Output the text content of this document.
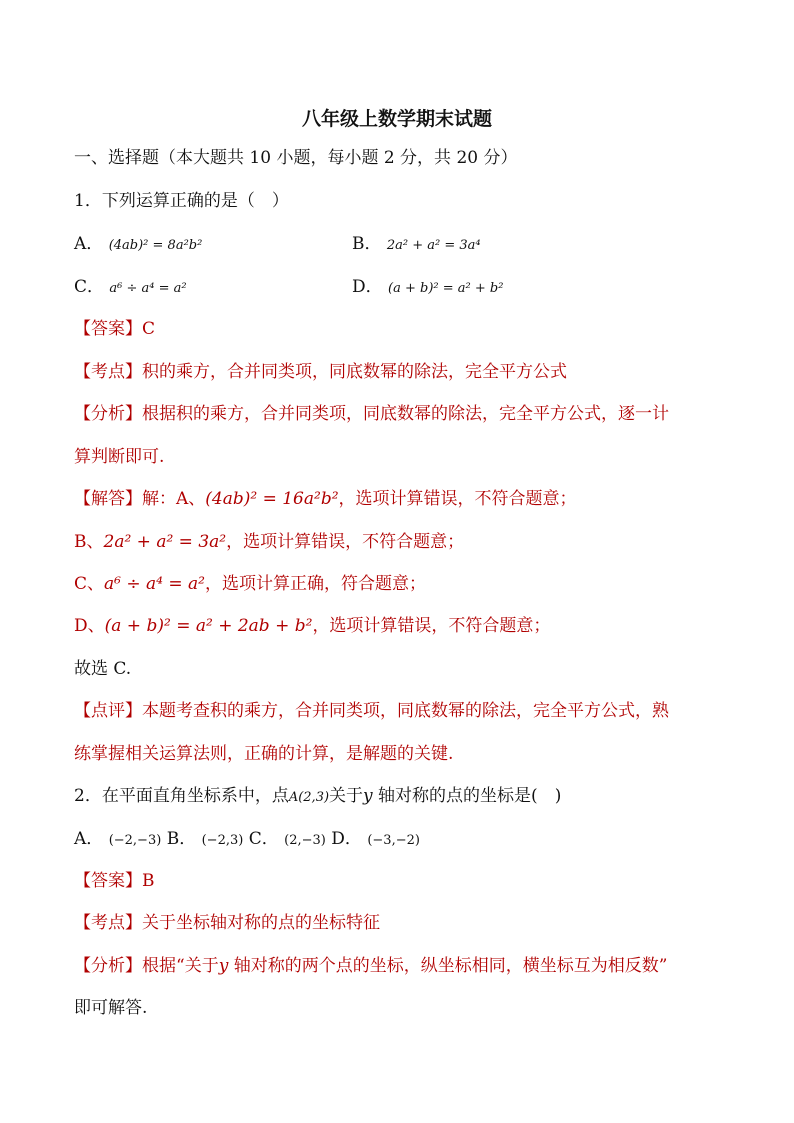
八年级上数学期末试题
一、选择题（本大题共 10 小题，每小题 2 分，共 20 分）
1．下列运算正确的是（　）
A． (4ab)² = 8a²b²	B． 2a² + a² = 3a⁴
C． a⁶ ÷ a⁴ = a²	D． (a + b)² = a² + b²
【答案】C
【考点】积的乘方，合并同类项，同底数幂的除法，完全平方公式
【分析】根据积的乘方，合并同类项，同底数幂的除法，完全平方公式，逐一计
算判断即可.
【解答】解：A、(4ab)² = 16a²b²，选项计算错误，不符合题意；
B、2a² + a² = 3a²，选项计算错误，不符合题意；
C、a⁶ ÷ a⁴ = a²，选项计算正确，符合题意；
D、(a + b)² = a² + 2ab + b²，选项计算错误，不符合题意；
故选 C.
【点评】本题考查积的乘方，合并同类项，同底数幂的除法，完全平方公式，熟
练掌握相关运算法则，正确的计算，是解题的关键.
2．在平面直角坐标系中，点A(2,3)关于y 轴对称的点的坐标是(　)
A． (−2,−3) B． (−2,3) C． (2,−3) D． (−3,−2)
【答案】B
【考点】关于坐标轴对称的点的坐标特征
【分析】根据“关于y 轴对称的两个点的坐标，纵坐标相同，横坐标互为相反数”
即可解答.
